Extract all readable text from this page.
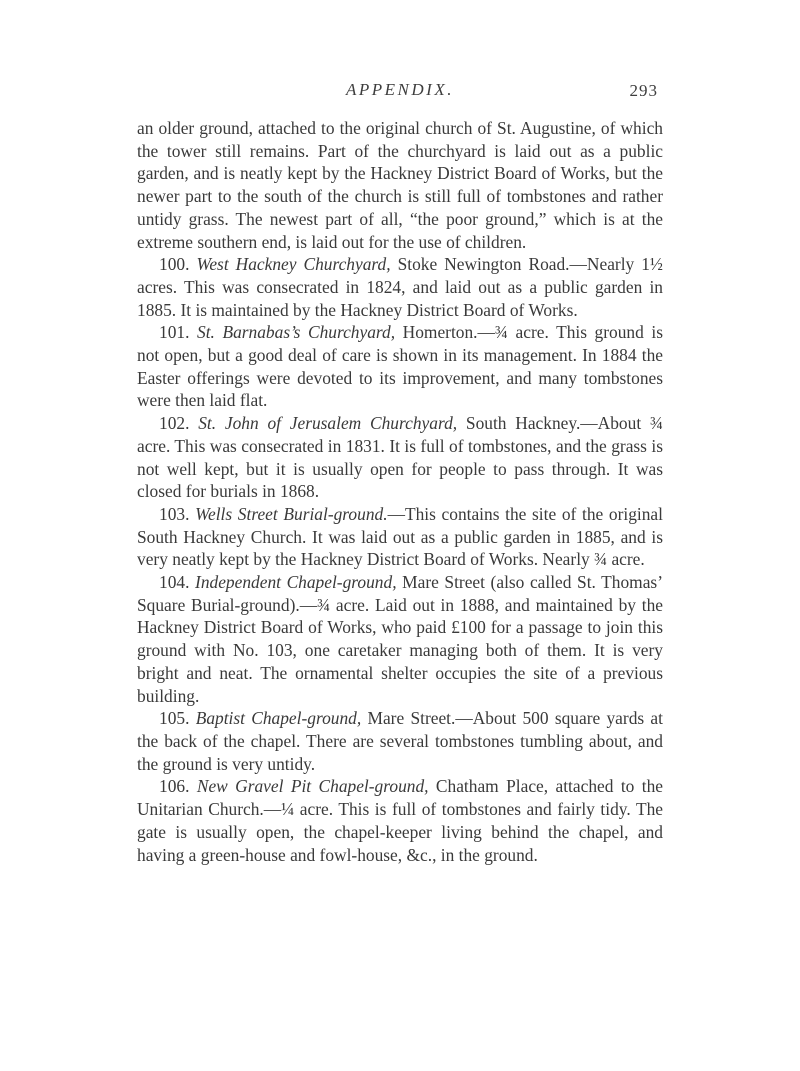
APPENDIX.	293

an older ground, attached to the original church of St. Augustine, of which the tower still remains. Part of the churchyard is laid out as a public garden, and is neatly kept by the Hackney District Board of Works, but the newer part to the south of the church is still full of tombstones and rather untidy grass. The newest part of all, “the poor ground,” which is at the extreme southern end, is laid out for the use of children.

100. West Hackney Churchyard, Stoke Newington Road.—Nearly 1½ acres. This was consecrated in 1824, and laid out as a public garden in 1885. It is maintained by the Hackney District Board of Works.

101. St. Barnabas’s Churchyard, Homerton.—¾ acre. This ground is not open, but a good deal of care is shown in its management. In 1884 the Easter offerings were devoted to its improvement, and many tombstones were then laid flat.

102. St. John of Jerusalem Churchyard, South Hackney.—About ¾ acre. This was consecrated in 1831. It is full of tombstones, and the grass is not well kept, but it is usually open for people to pass through. It was closed for burials in 1868.

103. Wells Street Burial-ground.—This contains the site of the original South Hackney Church. It was laid out as a public garden in 1885, and is very neatly kept by the Hackney District Board of Works. Nearly ¾ acre.

104. Independent Chapel-ground, Mare Street (also called St. Thomas’ Square Burial-ground).—¾ acre. Laid out in 1888, and maintained by the Hackney District Board of Works, who paid £100 for a passage to join this ground with No. 103, one caretaker managing both of them. It is very bright and neat. The ornamental shelter occupies the site of a previous building.

105. Baptist Chapel-ground, Mare Street.—About 500 square yards at the back of the chapel. There are several tombstones tumbling about, and the ground is very untidy.

106. New Gravel Pit Chapel-ground, Chatham Place, attached to the Unitarian Church.—¼ acre. This is full of tombstones and fairly tidy. The gate is usually open, the chapel-keeper living behind the chapel, and having a green-house and fowl-house, &c., in the ground.
